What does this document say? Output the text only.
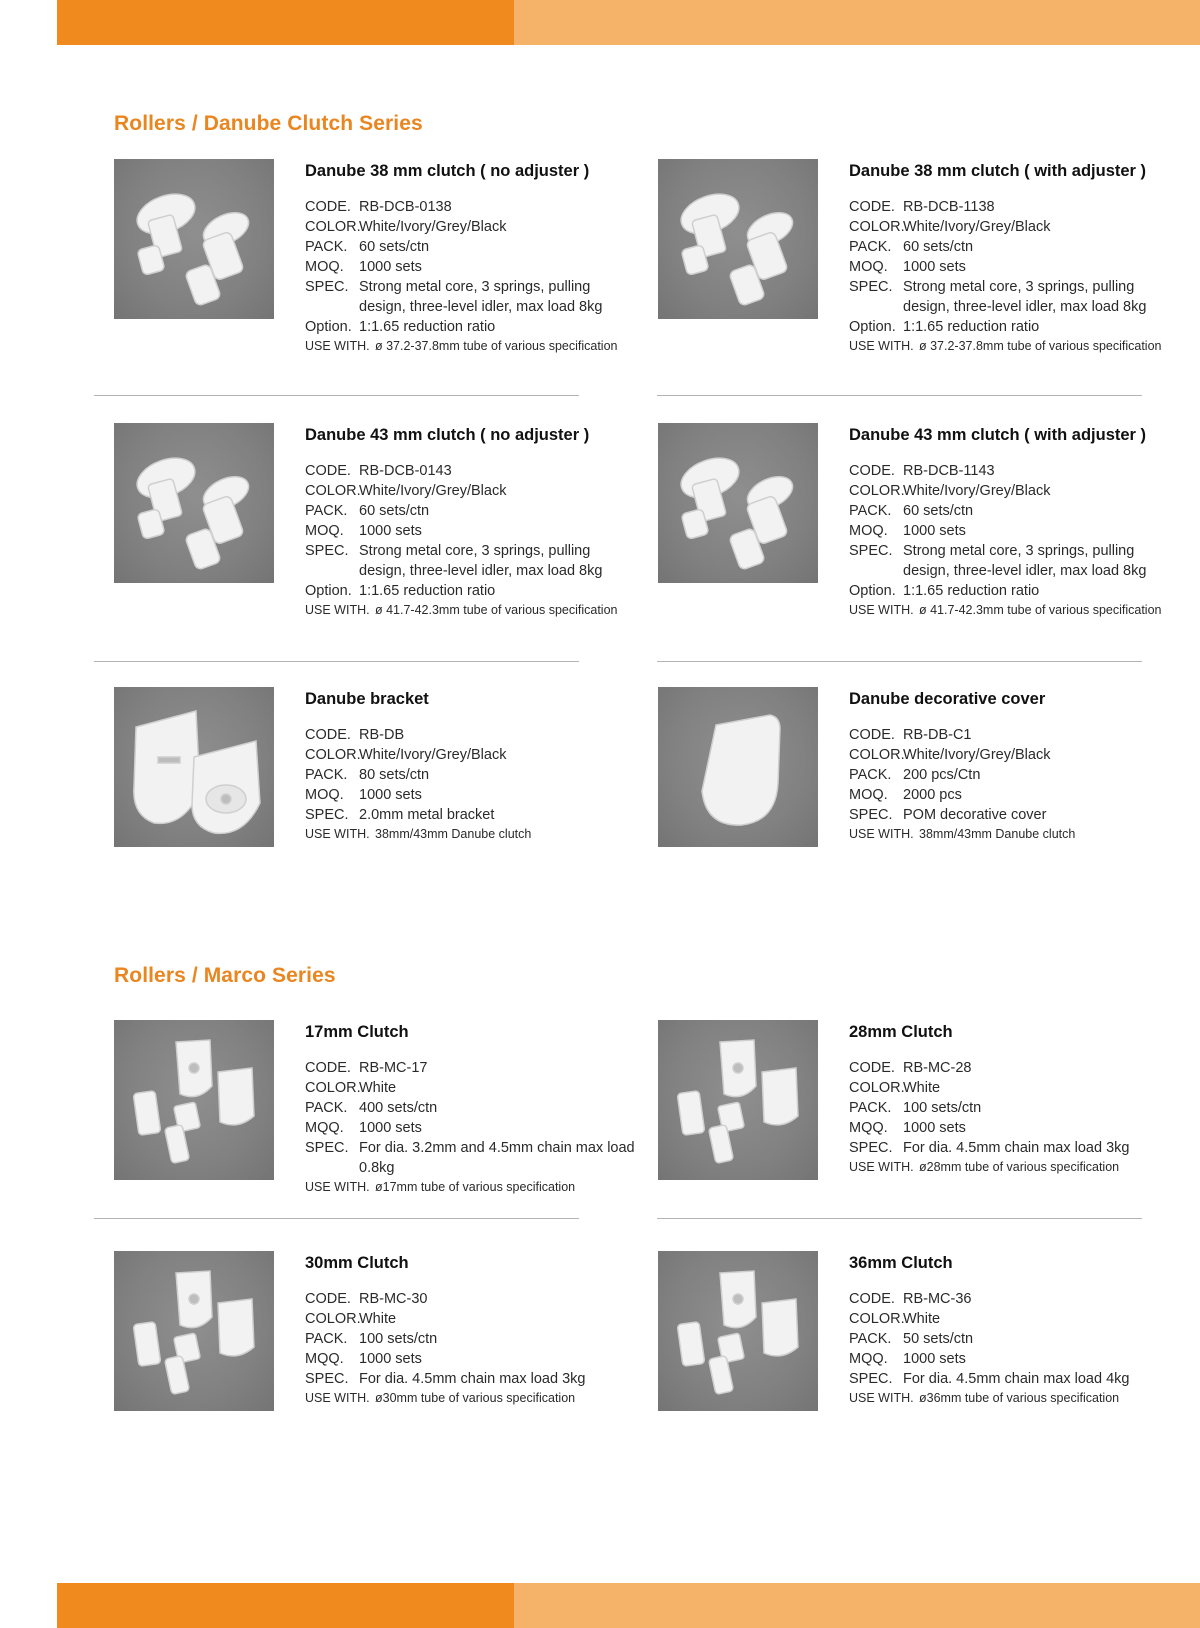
Rollers / Danube Clutch Series
Rollers / Marco Series
Danube 38 mm clutch ( no adjuster )
CODE. RB-DCB-0138
COLOR.
White/Ivory/Grey/Black
PACK. 60 sets/ctn
MOQ.	1000 sets
SPEC. Strong metal core, 3 springs, pulling design, three-level idler, max load 8kg
Option. 1:1.65 reduction ratio
USE WITH. ø 37.2-37.8mm tube of various specification
Danube 38 mm clutch ( with adjuster )
CODE. RB-DCB-1138
COLOR.
White/Ivory/Grey/Black
PACK. 60 sets/ctn
MOQ.	1000 sets
SPEC. Strong metal core, 3 springs, pulling design, three-level idler, max load 8kg
Option. 1:1.65 reduction ratio
USE WITH. ø 37.2-37.8mm tube of various specification
Danube 43 mm clutch ( no adjuster )
CODE. RB-DCB-0143
COLOR.
White/Ivory/Grey/Black
PACK. 60 sets/ctn
MOQ.	1000 sets
SPEC. Strong metal core, 3 springs, pulling design, three-level idler, max load 8kg
Option. 1:1.65 reduction ratio
USE WITH. ø 41.7-42.3mm tube of various specification
Danube 43 mm clutch ( with adjuster )
CODE. RB-DCB-1143
COLOR.
White/Ivory/Grey/Black
PACK. 60 sets/ctn
MOQ.	1000 sets
SPEC. Strong metal core, 3 springs, pulling design, three-level idler, max load 8kg
Option. 1:1.65 reduction ratio
USE WITH. ø 41.7-42.3mm tube of various specification
Danube bracket
CODE. RB-DB
COLOR.
White/Ivory/Grey/Black
PACK. 80 sets/ctn
MOQ.	1000 sets
SPEC. 2.0mm metal bracket
USE WITH. 38mm/43mm Danube clutch
Danube decorative cover
CODE. RB-DB-C1
COLOR.
White/Ivory/Grey/Black
PACK. 200 pcs/Ctn
MOQ.	2000 pcs
SPEC. POM decorative cover
USE WITH. 38mm/43mm Danube clutch
17mm Clutch
CODE. RB-MC-17
COLOR.
White
PACK. 400 sets/ctn
MQQ.	1000 sets
SPEC. For dia. 3.2mm and 4.5mm chain max load 0.8kg
USE WITH. ø17mm tube of various specification
28mm Clutch
CODE. RB-MC-28
COLOR.
White
PACK. 100 sets/ctn
MQQ.	1000 sets
SPEC. For dia. 4.5mm chain max load 3kg
USE WITH. ø28mm tube of various specification
30mm Clutch
CODE. RB-MC-30
COLOR.
White
PACK. 100 sets/ctn
MQQ.	1000 sets
SPEC. For dia. 4.5mm chain max load 3kg
USE WITH. ø30mm tube of various specification
36mm Clutch
CODE. RB-MC-36
COLOR.
White
PACK. 50 sets/ctn
MQQ.	1000 sets
SPEC. For dia. 4.5mm chain max load 4kg
USE WITH. ø36mm tube of various specification
